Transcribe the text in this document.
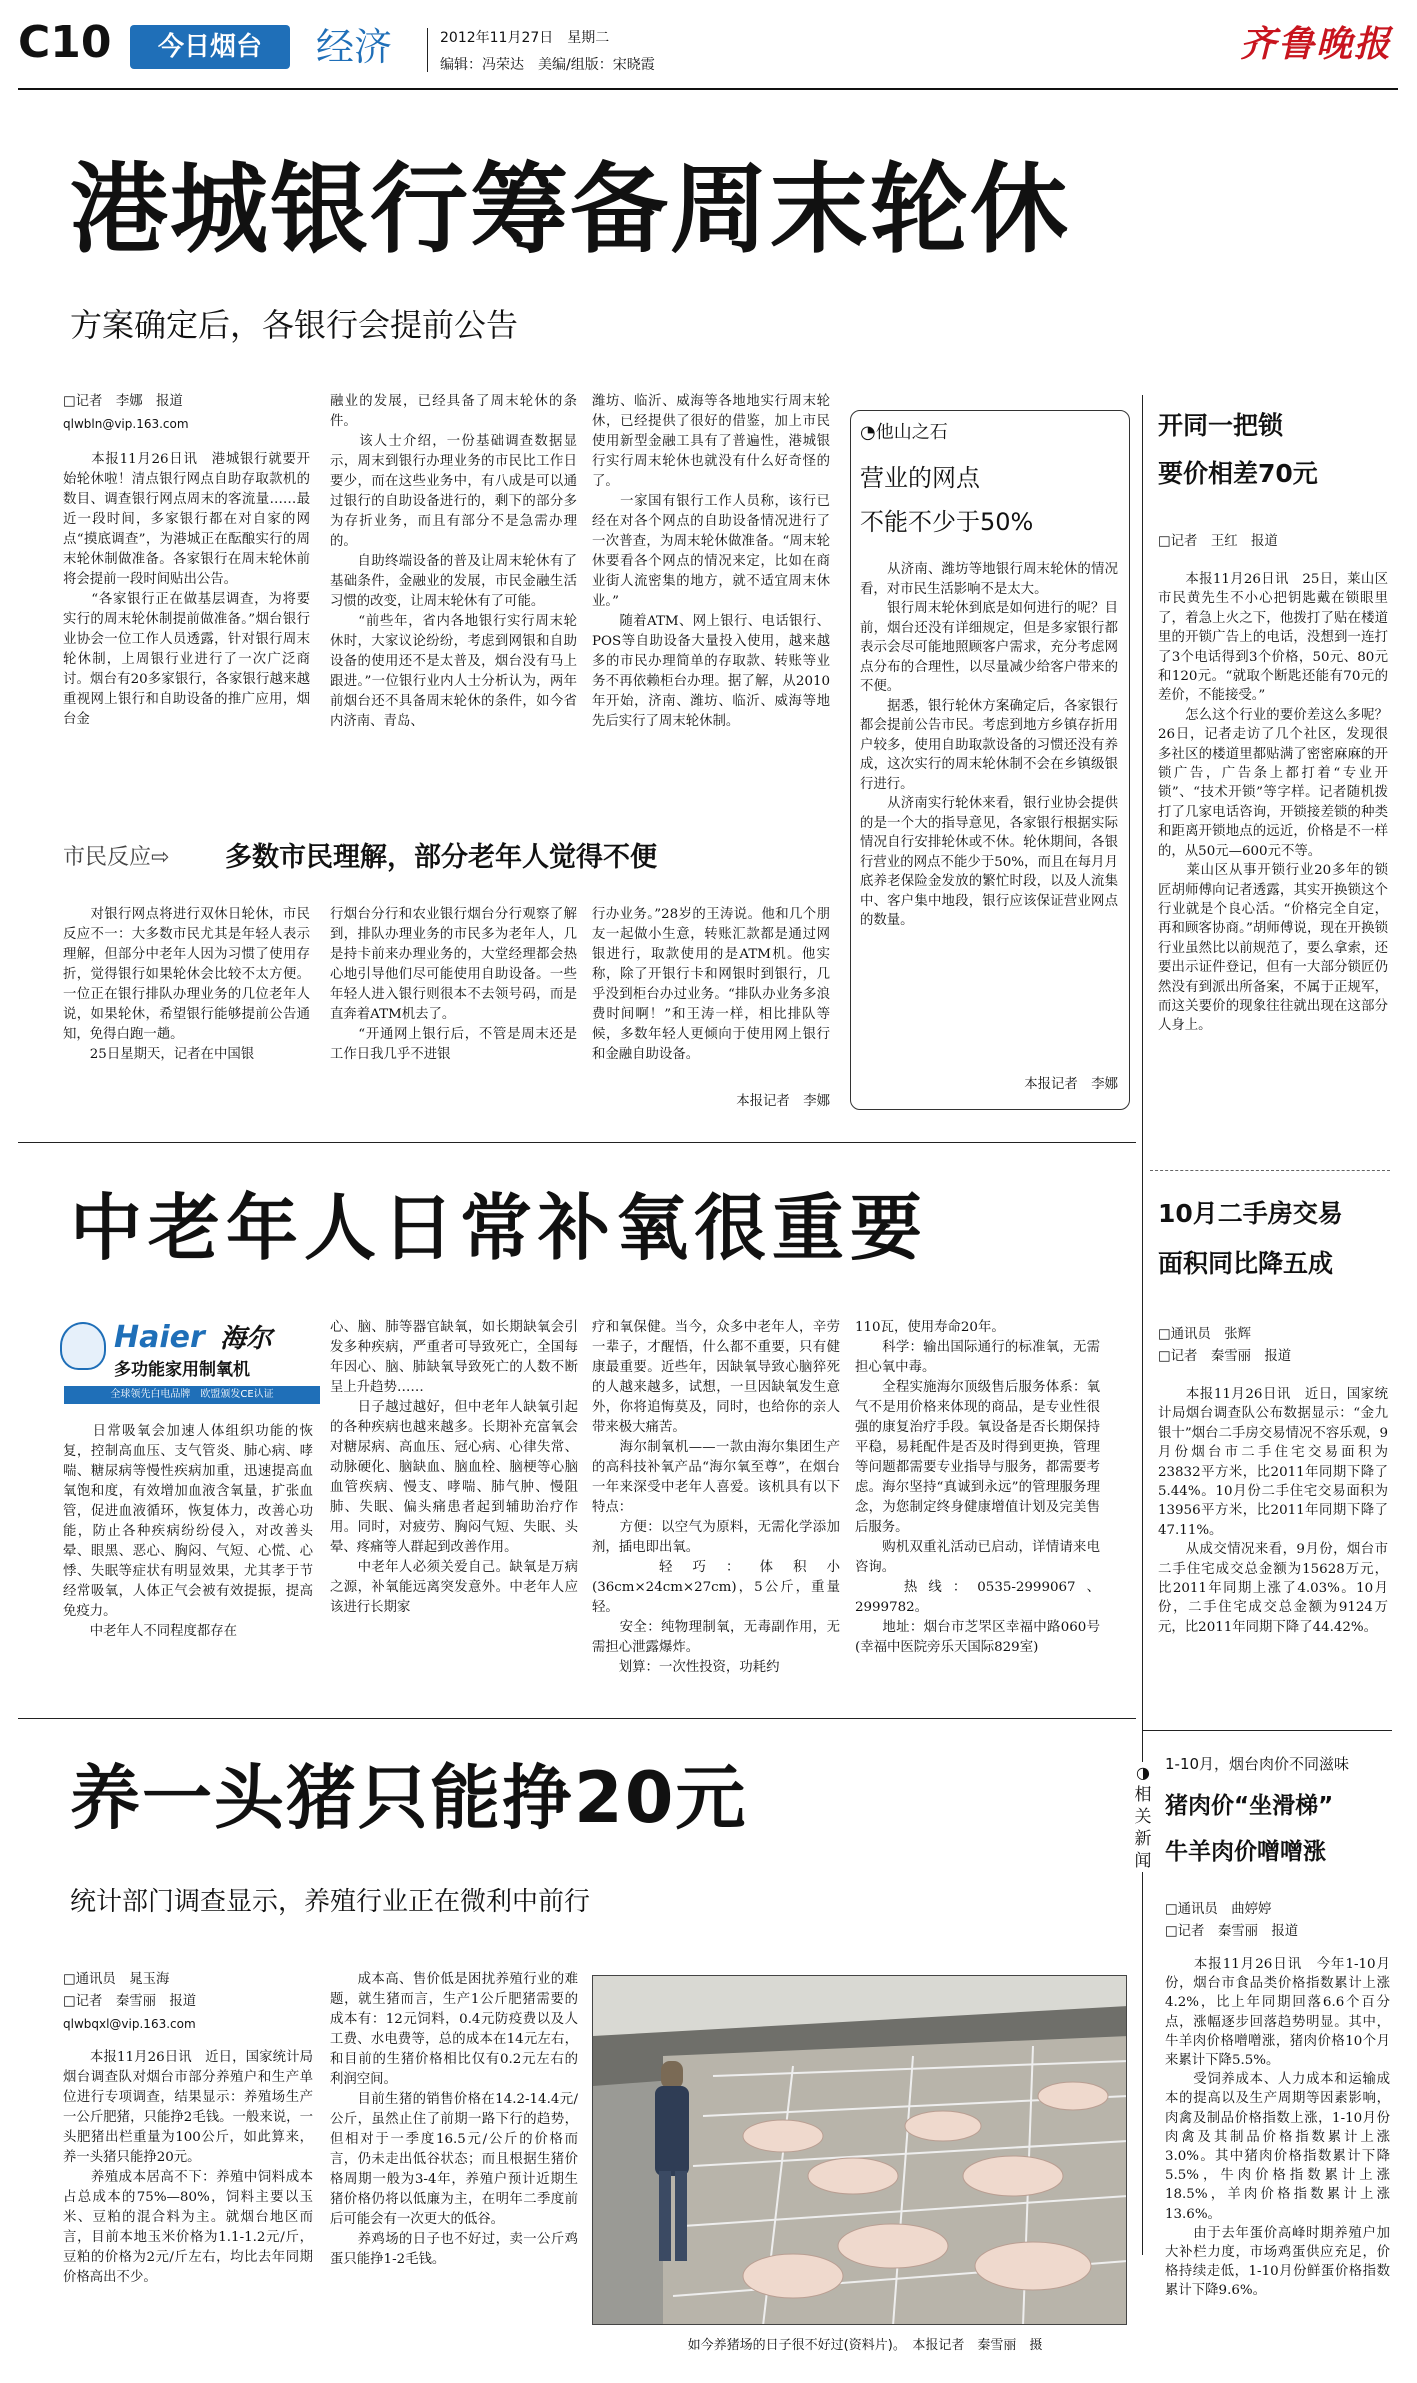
C10	今日烟台	经济	2012年11月27日　星期二
编辑：冯荣达　美编/组版：宋晓霞	齐鲁晚报
港城银行筹备周末轮休
方案确定后，各银行会提前公告
□记者　李娜　报道
qlwbln@vip.163.com
　　本报11月26日讯　港城银行就要开始轮休啦！清点银行网点自助存取款机的数目、调查银行网点周末的客流量……最近一段时间，多家银行都在对自家的网点“摸底调查”，为港城正在酝酿实行的周末轮休制做准备。各家银行在周末轮休前将会提前一段时间贴出公告。
　　“各家银行正在做基层调查，为将要实行的周末轮休制提前做准备。”烟台银行业协会一位工作人员透露，针对银行周末轮休制，上周银行业进行了一次广泛商讨。烟台有20多家银行，各家银行越来越重视网上银行和自助设备的推广应用，烟台金
融业的发展，已经具备了周末轮休的条件。
　　该人士介绍，一份基础调查数据显示，周末到银行办理业务的市民比工作日要少，而在这些业务中，有八成是可以通过银行的自助设备进行的，剩下的部分多为存折业务，而且有部分不是急需办理的。
　　自助终端设备的普及让周末轮休有了基础条件，金融业的发展，市民金融生活习惯的改变，让周末轮休有了可能。
　　“前些年，省内各地银行实行周末轮休时，大家议论纷纷，考虑到网银和自助设备的使用还不是太普及，烟台没有马上跟进。”一位银行业内人士分析认为，两年前烟台还不具备周末轮休的条件，如今省内济南、青岛、
潍坊、临沂、威海等各地地实行周末轮休，已经提供了很好的借鉴，加上市民使用新型金融工具有了普遍性，港城银行实行周末轮休也就没有什么好奇怪的了。
　　一家国有银行工作人员称，该行已经在对各个网点的自助设备情况进行了一次普查，为周末轮休做准备。“周末轮休要看各个网点的情况来定，比如在商业街人流密集的地方，就不适宜周末休业。”
　　随着ATM、网上银行、电话银行、POS等自助设备大量投入使用，越来越多的市民办理简单的存取款、转账等业务不再依赖柜台办理。据了解，从2010年开始，济南、潍坊、临沂、威海等地先后实行了周末轮休制。
市民反应⇨ 多数市民理解，部分老年人觉得不便
　　对银行网点将进行双休日轮休，市民反应不一：大多数市民尤其是年轻人表示理解，但部分中老年人因为习惯了使用存折，觉得银行如果轮休会比较不太方便。一位正在银行排队办理业务的几位老年人说，如果轮休，希望银行能够提前公告通知，免得白跑一趟。
　　25日星期天，记者在中国银
行烟台分行和农业银行烟台分行观察了解到，排队办理业务的市民多为老年人，几是持卡前来办理业务的，大堂经理都会热心地引导他们尽可能使用自助设备。一些年轻人进入银行则很本不去领号码，而是直奔着ATM机去了。
　　“开通网上银行后，不管是周末还是工作日我几乎不进银
行办业务。”28岁的王涛说。他和几个朋友一起做小生意，转账汇款都是通过网银进行，取款使用的是ATM机。他实称，除了开银行卡和网银时到银行，几乎没到柜台办过业务。“排队办业务多浪费时间啊！”和王涛一样，相比排队等候，多数年轻人更倾向于使用网上银行和金融自助设备。
本报记者　李娜
◔他山之石
营业的网点
不能不少于50%
　　从济南、潍坊等地银行周末轮休的情况看，对市民生活影响不是太大。
　　银行周末轮休到底是如何进行的呢？目前，烟台还没有详细规定，但是多家银行都表示会尽可能地照顾客户需求，充分考虑网点分布的合理性，以尽量减少给客户带来的不便。
　　据悉，银行轮休方案确定后，各家银行都会提前公告市民。考虑到地方乡镇存折用户较多，使用自助取款设备的习惯还没有养成，这次实行的周末轮休制不会在乡镇级银行进行。
　　从济南实行轮休来看，银行业协会提供的是一个大的指导意见，各家银行根据实际情况自行安排轮休或不休。轮休期间，各银行营业的网点不能少于50%，而且在每月月底养老保险金发放的繁忙时段，以及人流集中、客户集中地段，银行应该保证营业网点的数量。
本报记者　李娜
开同一把锁
要价相差70元
□记者　王红　报道
　　本报11月26日讯　25日，莱山区市民黄先生不小心把钥匙戴在锁眼里了，着急上火之下，他拨打了贴在楼道里的开锁广告上的电话，没想到一连打了3个电话得到3个价格，50元、80元和120元。“就取个断匙还能有70元的差价，不能接受。”
　　怎么这个行业的要价差这么多呢？26日，记者走访了几个社区，发现很多社区的楼道里都贴满了密密麻麻的开锁广告，广告条上都打着“专业开锁”、“技术开锁”等字样。记者随机拨打了几家电话咨询，开锁接差锁的种类和距离开锁地点的远近，价格是不一样的，从50元—600元不等。
　　莱山区从事开锁行业20多年的锁匠胡师傅向记者透露，其实开换锁这个行业就是个良心活。“价格完全自定，再和顾客协商。”胡师傅说，现在开换锁行业虽然比以前规范了，要么拿索，还要出示证件登记，但有一大部分锁匠仍然没有到派出所备案，不属于正规军，而这关要价的现象往往就出现在这部分人身上。
10月二手房交易
面积同比降五成
□通讯员　张辉
□记者　秦雪丽　报道
　　本报11月26日讯　近日，国家统计局烟台调查队公布数据显示：“金九银十”烟台二手房交易情况不容乐观，9月份烟台市二手住宅交易面积为23832平方米，比2011年同期下降了5.44%。10月份二手住宅交易面积为13956平方米，比2011年同期下降了47.11%。
　　从成交情况来看，9月份，烟台市二手住宅成交总金额为15628万元，比2011年同期上涨了4.03%。10月份，二手住宅成交总金额为9124万元，比2011年同期下降了44.42%。
中老年人日常补氧很重要
Haier 海尔
多功能家用制氧机
全球领先白电品牌　欧盟颁发CE认证
　　日常吸氧会加速人体组织功能的恢复，控制高血压、支气管炎、肺心病、哮喘、糖尿病等慢性疾病加重，迅速提高血氧饱和度，有效增加血液含氧量，扩张血管，促进血液循环，恢复体力，改善心功能，防止各种疾病纷纷侵入，对改善头晕、眼黑、恶心、胸闷、气短、心慌、心悸、失眠等症状有明显效果，尤其孝于节经常吸氧，人体正气会被有效提振，提高免疫力。
　　中老年人不同程度都存在
心、脑、肺等器官缺氧，如长期缺氧会引发多种疾病，严重者可导致死亡，全国每年因心、脑、肺缺氧导致死亡的人数不断呈上升趋势……
　　日子越过越好，但中老年人缺氧引起的各种疾病也越来越多。长期补充富氧会对糖尿病、高血压、冠心病、心律失常、动脉硬化、脑缺血、脑血栓、脑梗等心脑血管疾病、慢支、哮喘、肺气肿、慢阻肺、失眠、偏头痛患者起到辅助治疗作用。同时，对疲劳、胸闷气短、失眠、头晕、疼痛等人群起到改善作用。
　　中老年人必须关爱自己。缺氧是万病之源，补氧能远离突发意外。中老年人应该进行长期家
疗和氧保健。当今，众多中老年人，辛劳一辈子，才醒悟，什么都不重要，只有健康最重要。近些年，因缺氧导致心脑猝死的人越来越多，试想，一旦因缺氧发生意外，你将追悔莫及，同时，也给你的亲人带来极大痛苦。
　　海尔制氧机——一款由海尔集团生产的高科技补氧产品“海尔氧至尊”，在烟台一年来深受中老年人喜爱。该机具有以下特点：
　　方便：以空气为原料，无需化学添加剂，插电即出氧。
　　轻巧：体积小(36cm×24cm×27cm)，5公斤，重量轻。
　　安全：纯物理制氧，无毒副作用，无需担心泄露爆炸。
　　划算：一次性投资，功耗约
110瓦，使用寿命20年。
　　科学：输出国际通行的标准氧，无需担心氧中毒。
　　全程实施海尔顶级售后服务体系：氧气不是用价格来体现的商品，是专业性很强的康复治疗手段。氧设备是否长期保持平稳，易耗配件是否及时得到更换，管理等问题都需要专业指导与服务，都需要考虑。海尔坚持“真诚到永远”的管理服务理念，为您制定终身健康增值计划及完美售后服务。
　　购机双重礼活动已启动，详情请来电咨询。
　　热线：0535-2999067、2999782。
　　地址：烟台市芝罘区幸福中路060号(幸福中医院旁乐天国际829室)
养一头猪只能挣20元
统计部门调查显示，养殖行业正在微利中前行
□通讯员　晁玉海
□记者　秦雪丽　报道
qlwbqxl@vip.163.com
　　本报11月26日讯　近日，国家统计局烟台调查队对烟台市部分养殖户和生产单位进行专项调查，结果显示：养殖场生产一公斤肥猪，只能挣2毛钱。一般来说，一头肥猪出栏重量为100公斤，如此算来，养一头猪只能挣20元。
　　养殖成本居高不下：养殖中饲料成本占总成本的75%—80%，饲料主要以玉米、豆粕的混合料为主。就烟台地区而言，目前本地玉米价格为1.1-1.2元/斤，豆粕的价格为2元/斤左右，均比去年同期价格高出不少。
　　成本高、售价低是困扰养殖行业的难题，就生猪而言，生产1公斤肥猪需要的成本有：12元饲料，0.4元防疫费以及人工费、水电费等，总的成本在14元左右，和目前的生猪价格相比仅有0.2元左右的利润空间。
　　目前生猪的销售价格在14.2-14.4元/公斤，虽然止住了前期一路下行的趋势，但相对于一季度16.5元/公斤的价格而言，仍未走出低谷状态；而且根据生猪价格周期一般为3-4年，养殖户预计近期生猪价格仍将以低廉为主，在明年二季度前后可能会有一次更大的低谷。
　　养鸡场的日子也不好过，卖一公斤鸡蛋只能挣1-2毛钱。
如今养猪场的日子很不好过(资料片)。　本报记者　秦雪丽　摄
◑
相关新闻
1-10月，烟台肉价不同滋味
猪肉价“坐滑梯”
牛羊肉价噌噌涨
□通讯员　曲婷婷
□记者　秦雪丽　报道
　　本报11月26日讯　今年1-10月份，烟台市食品类价格指数累计上涨4.2%，比上年同期回落6.6个百分点，涨幅逐步回落趋势明显。其中，牛羊肉价格噌噌涨，猪肉价格10个月来累计下降5.5%。
　　受饲养成本、人力成本和运输成本的提高以及生产周期等因素影响，肉禽及制品价格指数上涨，1-10月份肉禽及其制品价格指数累计上涨3.0%。其中猪肉价格指数累计下降5.5%，牛肉价格指数累计上涨18.5%，羊肉价格指数累计上涨13.6%。
　　由于去年蛋价高峰时期养殖户加大补栏力度，市场鸡蛋供应充足，价格持续走低，1-10月份鲜蛋价格指数累计下降9.6%。
